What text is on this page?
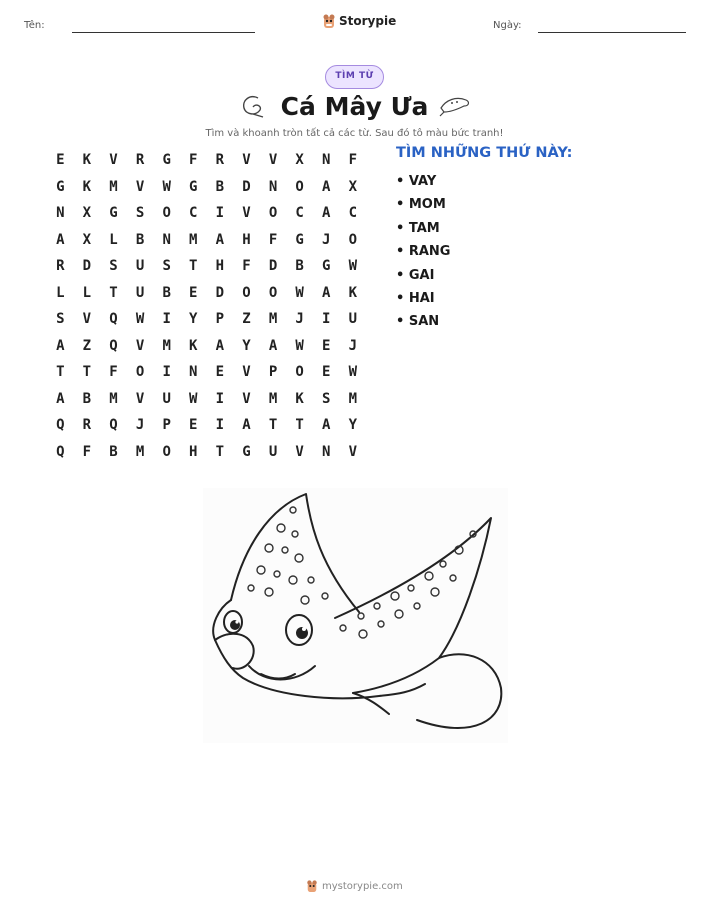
Tên:	Storypie	Ngày:
TÌM TỪ
Cá Mây Ưa
Tìm và khoanh tròn tất cả các từ. Sau đó tô màu bức tranh!
E	K	V	R	G	F	R	V	V	X	N	F
G	K	M	V	W	G	B	D	N	O	A	X
N	X	G	S	O	C	I	V	O	C	A	C
A	X	L	B	N	M	A	H	F	G	J	O
R	D	S	U	S	T	H	F	D	B	G	W
L	L	T	U	B	E	D	O	O	W	A	K
S	V	Q	W	I	Y	P	Z	M	J	I	U
A	Z	Q	V	M	K	A	Y	A	W	E	J
T	T	F	O	I	N	E	V	P	O	E	W
A	B	M	V	U	W	I	V	M	K	S	M
Q	R	Q	J	P	E	I	A	T	T	A	Y
Q	F	B	M	O	H	T	G	U	V	N	V
TÌM NHỮNG THỨ NÀY:
• VAY
• MOM
• TAM
• RANG
• GAI
• HAI
• SAN
mystorypie.com
